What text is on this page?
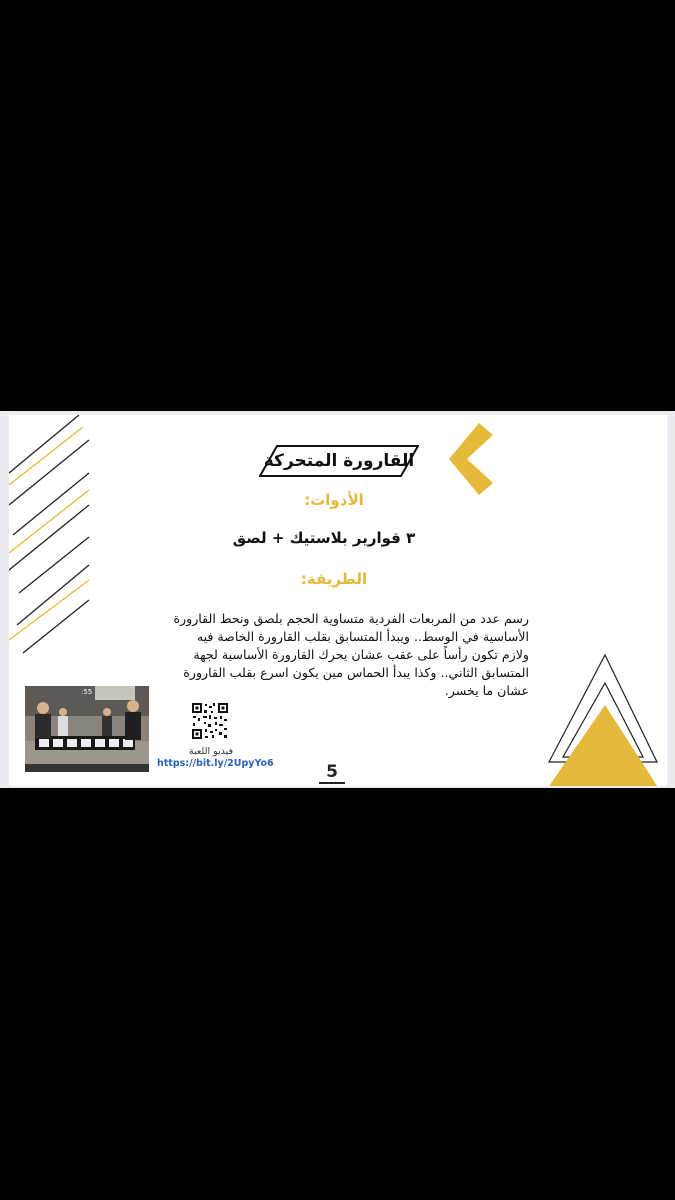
القارورة المتحركة
الأدوات:
٣ قوارير بلاستيك + لصق
الطريقة:
رسم عدد من المربعات الفردية متساوية الحجم بلصق ونحط القارورة
الأساسية في الوسط.. ويبدأ المتسابق بقلب القارورة الخاصة فيه
ولازم تكون رأساً على عقب عشان يحرك القارورة الأساسية لجهة
المتسابق الثاني.. وكذا يبدأ الحماس مين يكون اسرع بقلب القارورة
عشان ما يخسر.
:55
فيديو اللعبة
https://bit.ly/2UpyYo6	5
